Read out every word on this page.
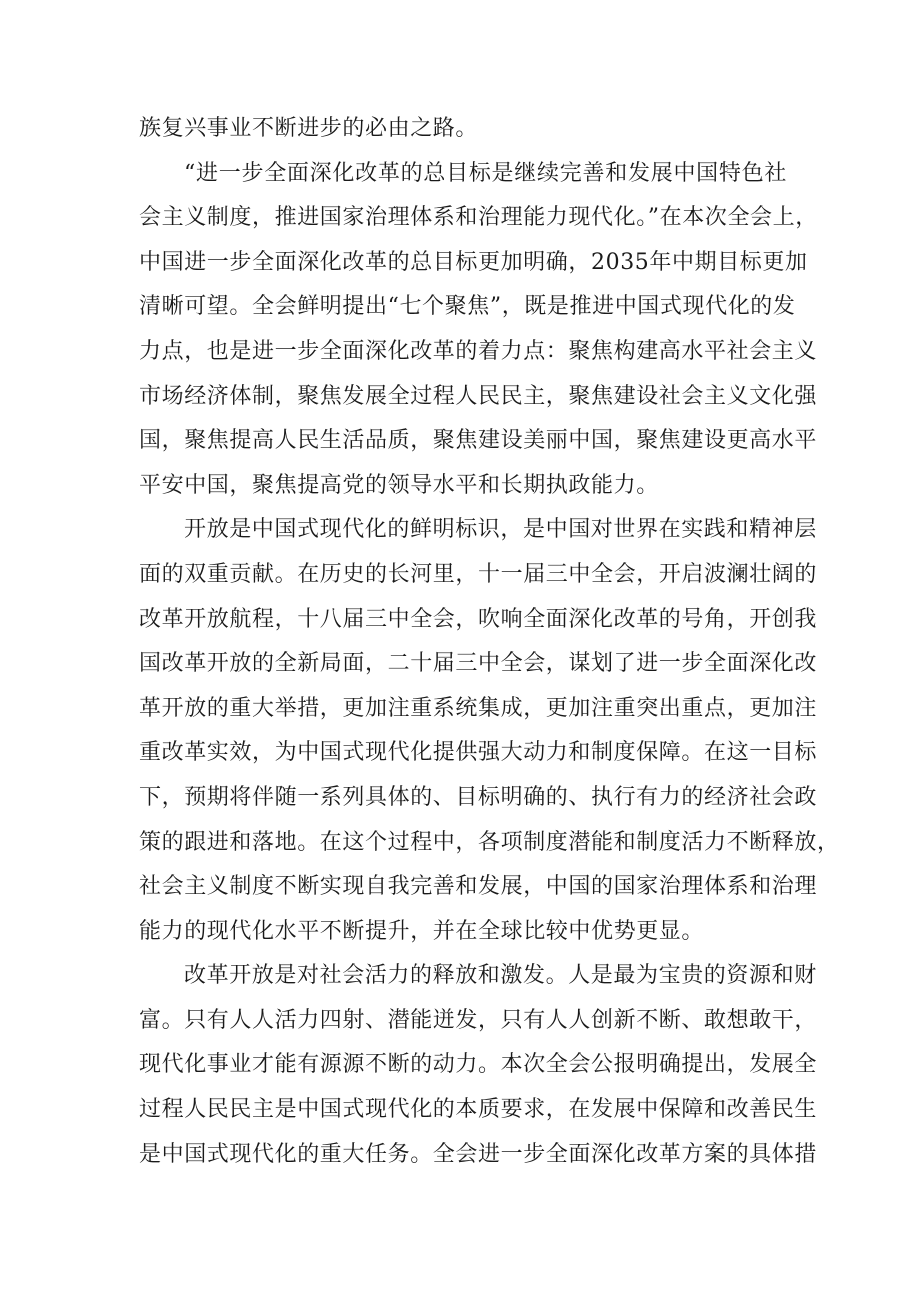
族复兴事业不断进步的必由之路。
“进一步全面深化改革的总目标是继续完善和发展中国特色社
会主义制度，推进国家治理体系和治理能力现代化。”在本次全会上，
中国进一步全面深化改革的总目标更加明确，2035年中期目标更加
清晰可望。全会鲜明提出“七个聚焦”，既是推进中国式现代化的发
力点，也是进一步全面深化改革的着力点：聚焦构建高水平社会主义
市场经济体制，聚焦发展全过程人民民主，聚焦建设社会主义文化强
国，聚焦提高人民生活品质，聚焦建设美丽中国，聚焦建设更高水平
平安中国，聚焦提高党的领导水平和长期执政能力。
开放是中国式现代化的鲜明标识，是中国对世界在实践和精神层
面的双重贡献。在历史的长河里，十一届三中全会，开启波澜壮阔的
改革开放航程，十八届三中全会，吹响全面深化改革的号角，开创我
国改革开放的全新局面，二十届三中全会，谋划了进一步全面深化改
革开放的重大举措，更加注重系统集成，更加注重突出重点，更加注
重改革实效，为中国式现代化提供强大动力和制度保障。在这一目标
下，预期将伴随一系列具体的、目标明确的、执行有力的经济社会政
策的跟进和落地。在这个过程中，各项制度潜能和制度活力不断释放，
社会主义制度不断实现自我完善和发展，中国的国家治理体系和治理
能力的现代化水平不断提升，并在全球比较中优势更显。
改革开放是对社会活力的释放和激发。人是最为宝贵的资源和财
富。只有人人活力四射、潜能迸发，只有人人创新不断、敢想敢干，
现代化事业才能有源源不断的动力。本次全会公报明确提出，发展全
过程人民民主是中国式现代化的本质要求，在发展中保障和改善民生
是中国式现代化的重大任务。全会进一步全面深化改革方案的具体措
